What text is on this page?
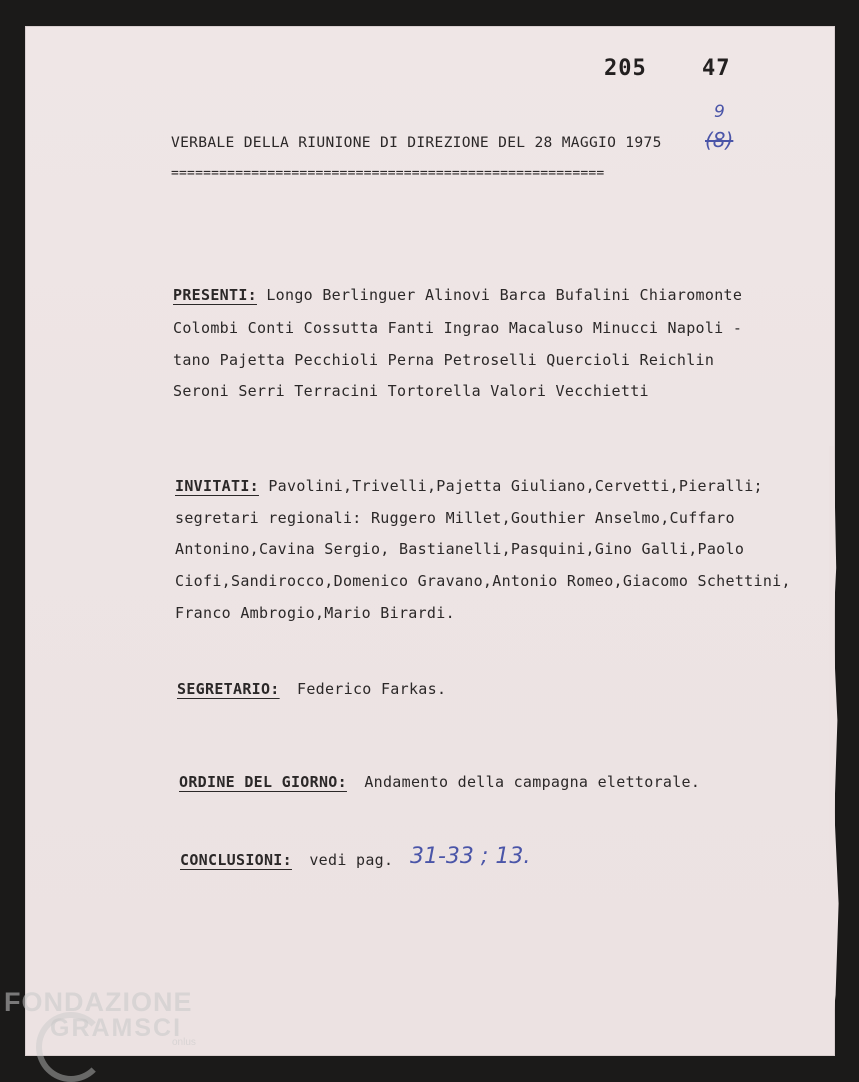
205	47
VERBALE DELLA RIUNIONE DI DIREZIONE DEL 28 MAGGIO 1975
9
(8)
======================================================
PRESENTI: Longo Berlinguer Alinovi Barca Bufalini Chiaromonte
Colombi Conti Cossutta Fanti Ingrao Macaluso Minucci Napoli -
tano Pajetta Pecchioli Perna Petroselli Quercioli Reichlin
Seroni Serri Terracini Tortorella Valori Vecchietti
INVITATI: Pavolini,Trivelli,Pajetta Giuliano,Cervetti,Pieralli;
segretari regionali: Ruggero Millet,Gouthier Anselmo,Cuffaro
Antonino,Cavina Sergio, Bastianelli,Pasquini,Gino Galli,Paolo
Ciofi,Sandirocco,Domenico Gravano,Antonio Romeo,Giacomo Schettini,
Franco Ambrogio,Mario Birardi.
SEGRETARIO: Federico Farkas.
ORDINE DEL GIORNO: Andamento della campagna elettorale.
CONCLUSIONI: vedi pag. 31-33 ; 13.
FONDAZIONE
GRAMSCI
onlus
